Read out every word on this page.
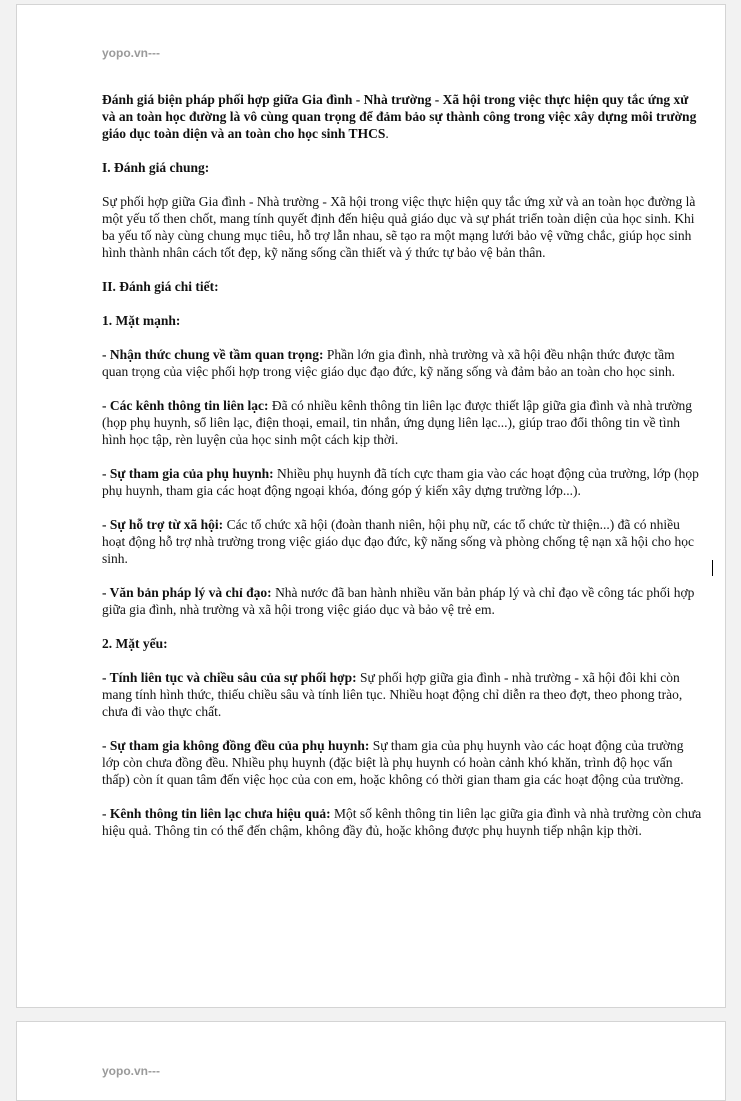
yopo.vn---

Đánh giá biện pháp phối hợp giữa Gia đình - Nhà trường - Xã hội trong việc thực hiện quy tắc ứng xử và an toàn học đường là vô cùng quan trọng để đảm bảo sự thành công trong việc xây dựng môi trường giáo dục toàn diện và an toàn cho học sinh THCS.

I. Đánh giá chung:

Sự phối hợp giữa Gia đình - Nhà trường - Xã hội trong việc thực hiện quy tắc ứng xử và an toàn học đường là một yếu tố then chốt, mang tính quyết định đến hiệu quả giáo dục và sự phát triển toàn diện của học sinh. Khi ba yếu tố này cùng chung mục tiêu, hỗ trợ lẫn nhau, sẽ tạo ra một mạng lưới bảo vệ vững chắc, giúp học sinh hình thành nhân cách tốt đẹp, kỹ năng sống cần thiết và ý thức tự bảo vệ bản thân.

II. Đánh giá chi tiết:

1. Mặt mạnh:

- Nhận thức chung về tầm quan trọng: Phần lớn gia đình, nhà trường và xã hội đều nhận thức được tầm quan trọng của việc phối hợp trong việc giáo dục đạo đức, kỹ năng sống và đảm bảo an toàn cho học sinh.

- Các kênh thông tin liên lạc: Đã có nhiều kênh thông tin liên lạc được thiết lập giữa gia đình và nhà trường (họp phụ huynh, sổ liên lạc, điện thoại, email, tin nhắn, ứng dụng liên lạc...), giúp trao đổi thông tin về tình hình học tập, rèn luyện của học sinh một cách kịp thời.

- Sự tham gia của phụ huynh: Nhiều phụ huynh đã tích cực tham gia vào các hoạt động của trường, lớp (họp phụ huynh, tham gia các hoạt động ngoại khóa, đóng góp ý kiến xây dựng trường lớp...).

- Sự hỗ trợ từ xã hội: Các tổ chức xã hội (đoàn thanh niên, hội phụ nữ, các tổ chức từ thiện...) đã có nhiều hoạt động hỗ trợ nhà trường trong việc giáo dục đạo đức, kỹ năng sống và phòng chống tệ nạn xã hội cho học sinh.

- Văn bản pháp lý và chỉ đạo: Nhà nước đã ban hành nhiều văn bản pháp lý và chỉ đạo về công tác phối hợp giữa gia đình, nhà trường và xã hội trong việc giáo dục và bảo vệ trẻ em.

2. Mặt yếu:

- Tính liên tục và chiều sâu của sự phối hợp: Sự phối hợp giữa gia đình - nhà trường - xã hội đôi khi còn mang tính hình thức, thiếu chiều sâu và tính liên tục. Nhiều hoạt động chỉ diễn ra theo đợt, theo phong trào, chưa đi vào thực chất.

- Sự tham gia không đồng đều của phụ huynh: Sự tham gia của phụ huynh vào các hoạt động của trường lớp còn chưa đồng đều. Nhiều phụ huynh (đặc biệt là phụ huynh có hoàn cảnh khó khăn, trình độ học vấn thấp) còn ít quan tâm đến việc học của con em, hoặc không có thời gian tham gia các hoạt động của trường.

- Kênh thông tin liên lạc chưa hiệu quả: Một số kênh thông tin liên lạc giữa gia đình và nhà trường còn chưa hiệu quả. Thông tin có thể đến chậm, không đầy đủ, hoặc không được phụ huynh tiếp nhận kịp thời.

yopo.vn---
